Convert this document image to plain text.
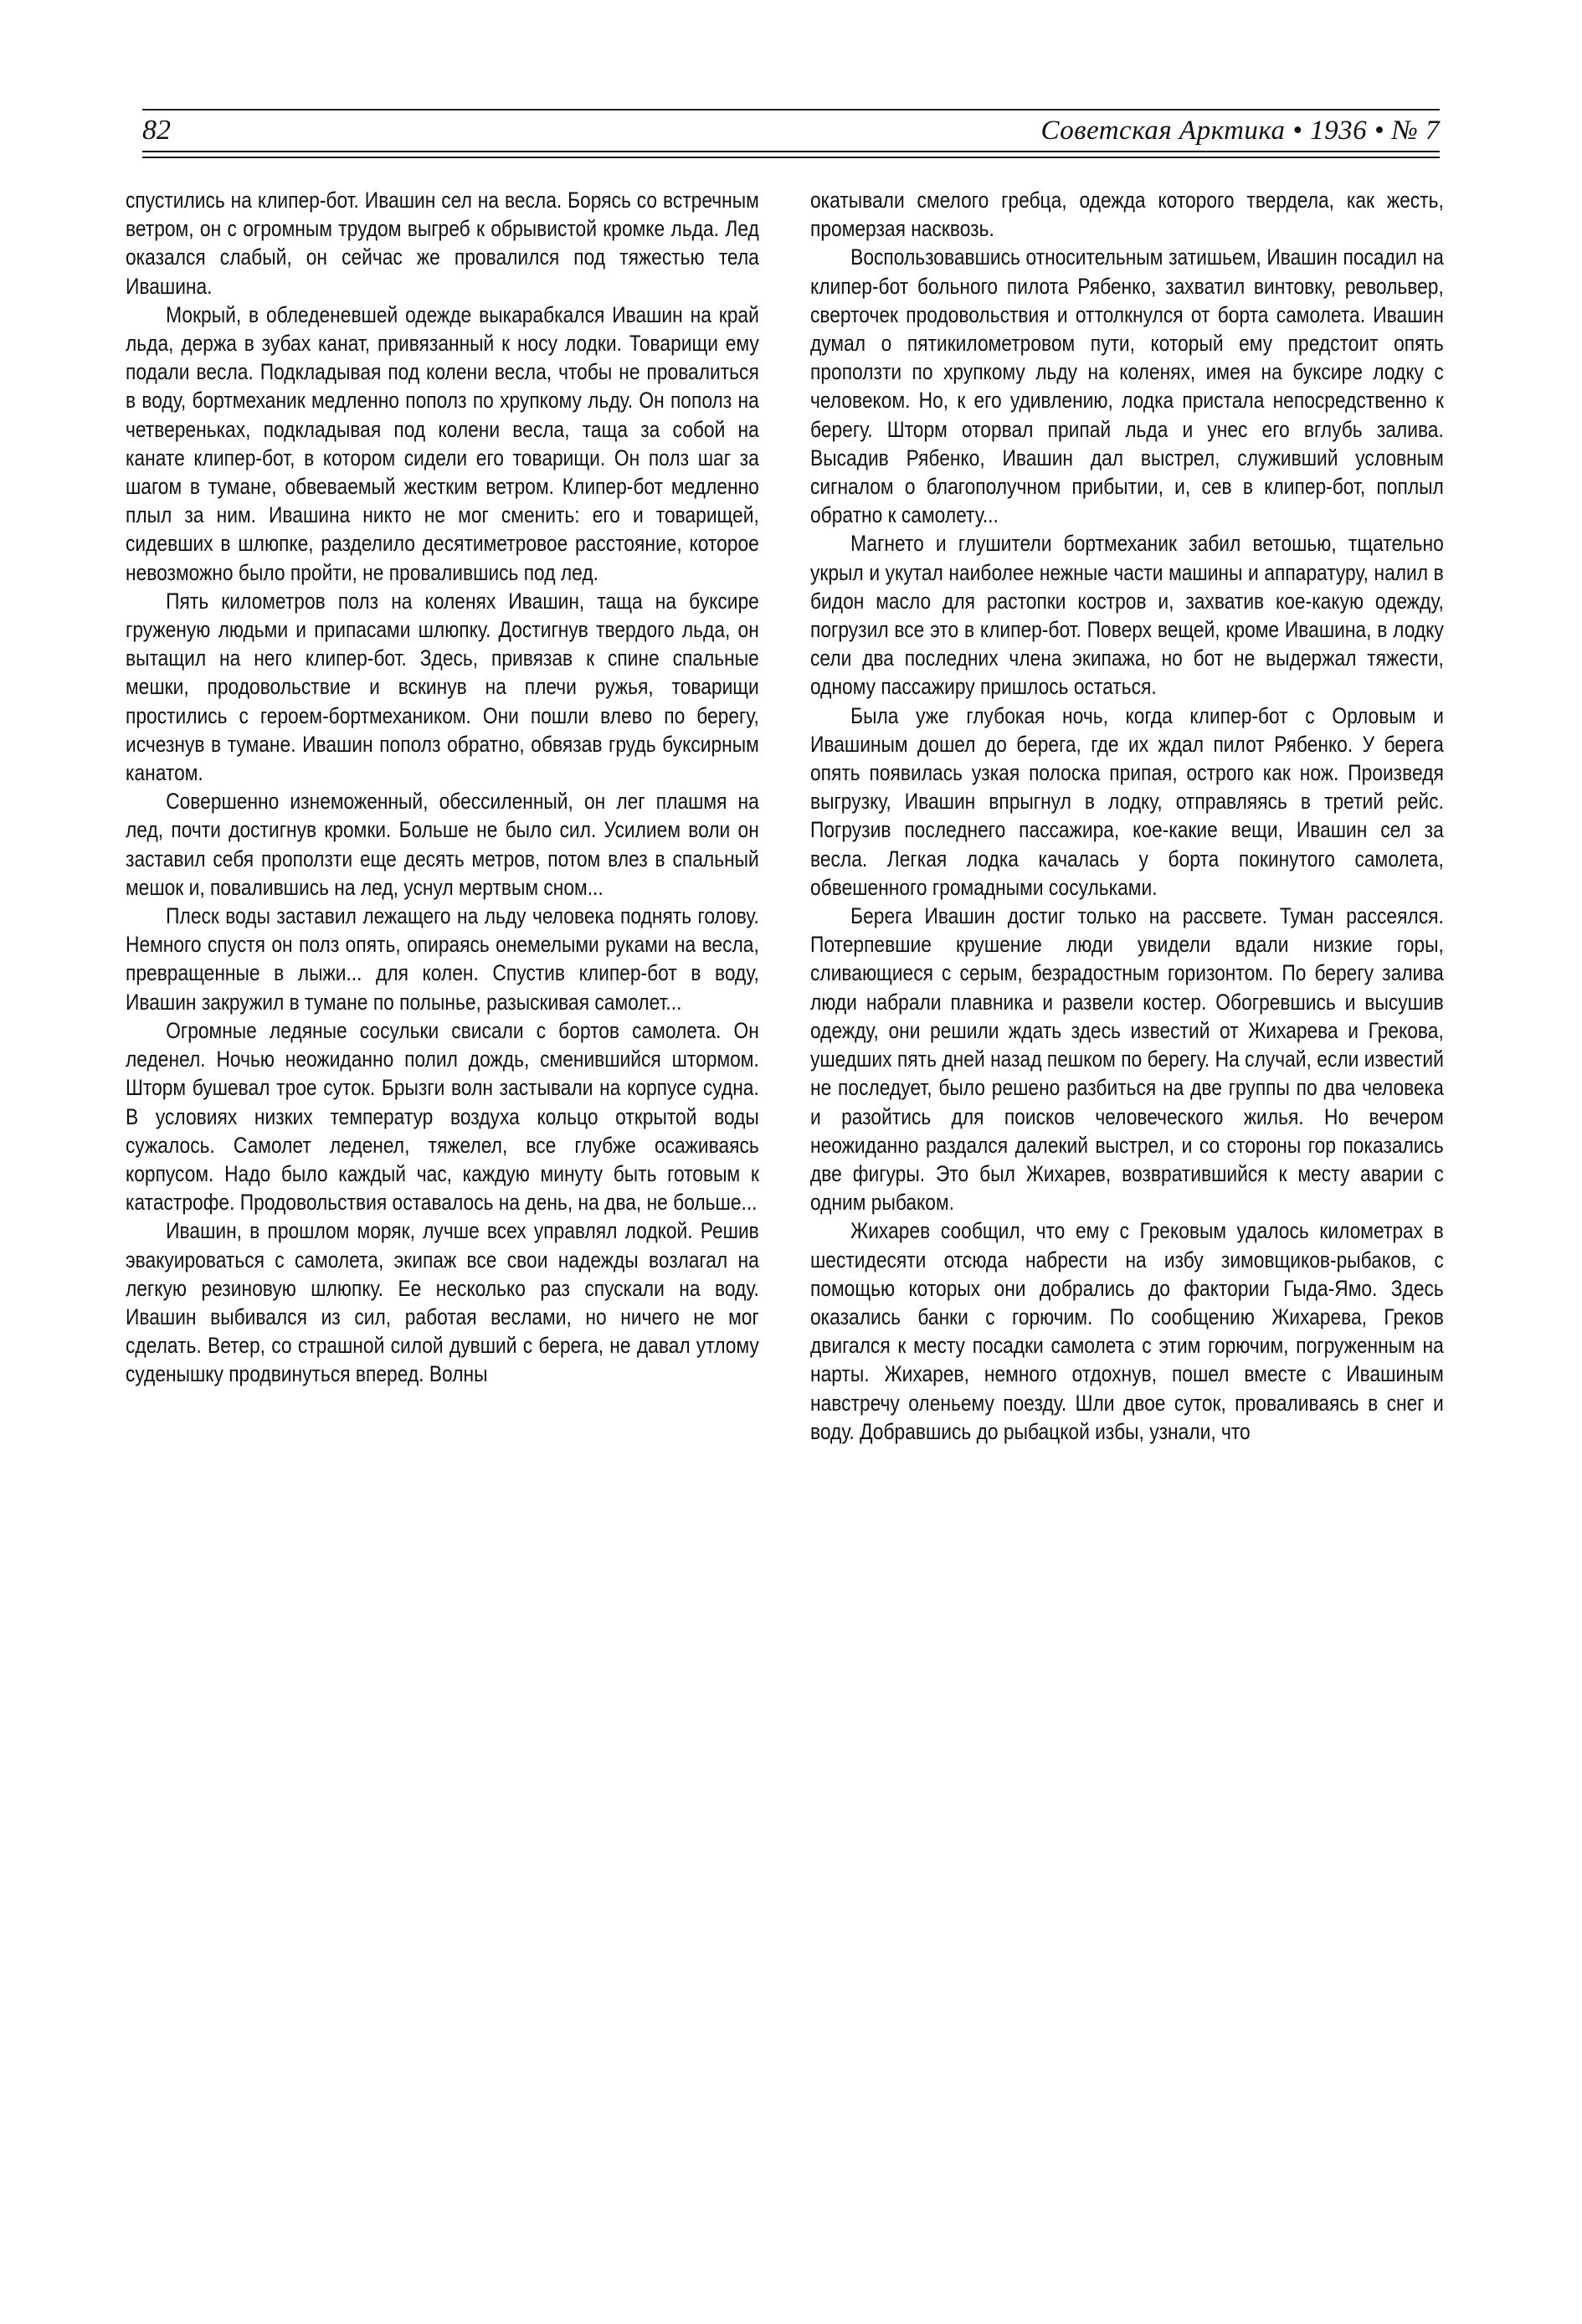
82	Советская Арктика • 1936 • № 7

спустились на клипер-бот. Ивашин сел на весла. Борясь со встречным ветром, он с огромным трудом выгреб к обрывистой кромке льда. Лед оказался слабый, он сейчас же провалился под тяжестью тела Ивашина.

Мокрый, в обледеневшей одежде выкарабкался Ивашин на край льда, держа в зубах канат, привязанный к носу лодки. Товарищи ему подали весла. Подкладывая под колени весла, чтобы не провалиться в воду, бортмеханик медленно пополз по хрупкому льду. Он пополз на четвереньках, подкладывая под колени весла, таща за собой на канате клипер-бот, в котором сидели его товарищи. Он полз шаг за шагом в тумане, обвеваемый жестким ветром. Клипер-бот медленно плыл за ним. Ивашина никто не мог сменить: его и товарищей, сидевших в шлюпке, разделило десятиметровое расстояние, которое невозможно было пройти, не провалившись под лед.

Пять километров полз на коленях Ивашин, таща на буксире груженую людьми и припасами шлюпку. Достигнув твердого льда, он вытащил на него клипер-бот. Здесь, привязав к спине спальные мешки, продовольствие и вскинув на плечи ружья, товарищи простились с героем-бортмехаником. Они пошли влево по берегу, исчезнув в тумане. Ивашин пополз обратно, обвязав грудь буксирным канатом.

Совершенно изнеможенный, обессиленный, он лег плашмя на лед, почти достигнув кромки. Больше не было сил. Усилием воли он заставил себя проползти еще десять метров, потом влез в спальный мешок и, повалившись на лед, уснул мертвым сном...

Плеск воды заставил лежащего на льду человека поднять голову. Немного спустя он полз опять, опираясь онемелыми руками на весла, превращенные в лыжи... для колен. Спустив клипер-бот в воду, Ивашин закружил в тумане по полынье, разыскивая самолет...

Огромные ледяные сосульки свисали с бортов самолета. Он леденел. Ночью неожиданно полил дождь, сменившийся штормом. Шторм бушевал трое суток. Брызги волн застывали на корпусе судна. В условиях низких температур воздуха кольцо открытой воды сужалось. Самолет леденел, тяжелел, все глубже осаживаясь корпусом. Надо было каждый час, каждую минуту быть готовым к катастрофе. Продовольствия оставалось на день, на два, не больше...

Ивашин, в прошлом моряк, лучше всех управлял лодкой. Решив эвакуироваться с самолета, экипаж все свои надежды возлагал на легкую резиновую шлюпку. Ее несколько раз спускали на воду. Ивашин выбивался из сил, работая веслами, но ничего не мог сделать. Ветер, со страшной силой дувший с берега, не давал утлому суденышку продвинуться вперед. Волны

окатывали смелого гребца, одежда которого твердела, как жесть, промерзая насквозь.

Воспользовавшись относительным затишьем, Ивашин посадил на клипер-бот больного пилота Рябенко, захватил винтовку, револьвер, сверточек продовольствия и оттолкнулся от борта самолета. Ивашин думал о пятикилометровом пути, который ему предстоит опять проползти по хрупкому льду на коленях, имея на буксире лодку с человеком. Но, к его удивлению, лодка пристала непосредственно к берегу. Шторм оторвал припай льда и унес его вглубь залива. Высадив Рябенко, Ивашин дал выстрел, служивший условным сигналом о благополучном прибытии, и, сев в клипер-бот, поплыл обратно к самолету...

Магнето и глушители бортмеханик забил ветошью, тщательно укрыл и укутал наиболее нежные части машины и аппаратуру, налил в бидон масло для растопки костров и, захватив кое-какую одежду, погрузил все это в клипер-бот. Поверх вещей, кроме Ивашина, в лодку сели два последних члена экипажа, но бот не выдержал тяжести, одному пассажиру пришлось остаться.

Была уже глубокая ночь, когда клипер-бот с Орловым и Ивашиным дошел до берега, где их ждал пилот Рябенко. У берега опять появилась узкая полоска припая, острого как нож. Произведя выгрузку, Ивашин впрыгнул в лодку, отправляясь в третий рейс. Погрузив последнего пассажира, кое-какие вещи, Ивашин сел за весла. Легкая лодка качалась у борта покинутого самолета, обвешенного громадными сосульками.

Берега Ивашин достиг только на рассвете. Туман рассеялся. Потерпевшие крушение люди увидели вдали низкие горы, сливающиеся с серым, безрадостным горизонтом. По берегу залива люди набрали плавника и развели костер. Обогревшись и высушив одежду, они решили ждать здесь известий от Жихарева и Грекова, ушедших пять дней назад пешком по берегу. На случай, если известий не последует, было решено разбиться на две группы по два человека и разойтись для поисков человеческого жилья. Но вечером неожиданно раздался далекий выстрел, и со стороны гор показались две фигуры. Это был Жихарев, возвратившийся к месту аварии с одним рыбаком.

Жихарев сообщил, что ему с Грековым удалось километрах в шестидесяти отсюда набрести на избу зимовщиков-рыбаков, с помощью которых они добрались до фактории Гыда-Ямо. Здесь оказались банки с горючим. По сообщению Жихарева, Греков двигался к месту посадки самолета с этим горючим, погруженным на нарты. Жихарев, немного отдохнув, пошел вместе с Ивашиным навстречу оленьему поезду. Шли двое суток, проваливаясь в снег и воду. Добравшись до рыбацкой избы, узнали, что
